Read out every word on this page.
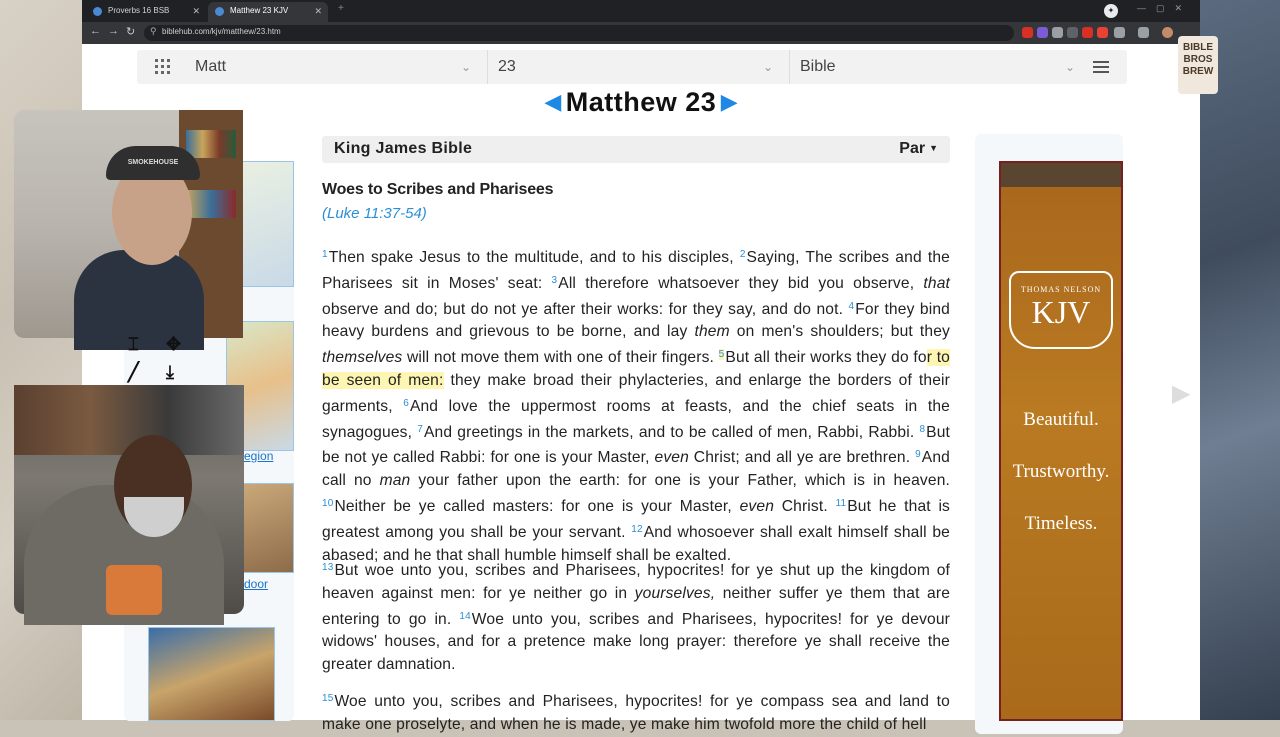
Proverbs 16 BSB	✕	Matthew 23 KJV	✕ +	✦	—▢✕
← → ↻ ⚲ biblehub.com/kjv/matthew/23.htm
Matt	⌄	23	⌄	Bible	⌄
◀ Matthew 23 ▶
egion
door
King James Bible	Par ▼
Woes to Scribes and Pharisees
(Luke 11:37-54)
$^1$Then spake Jesus to the multitude, and to his disciples, $^2$Saying, The scribes and the Pharisees sit in Moses' seat: $^3$All therefore whatsoever they bid you observe, that observe and do; but do not ye after their works: for they say, and do not. $^4$For they bind heavy burdens and grievous to be borne, and lay them on men's shoulders; but they themselves will not move them with one of their fingers. $^5$But all their works they do for to be seen of men: they make broad their phylacteries, and enlarge the borders of their garments, $^6$And love the uppermost rooms at feasts, and the chief seats in the synagogues, $^7$And greetings in the markets, and to be called of men, Rabbi, Rabbi. $^8$But be not ye called Rabbi: for one is your Master, even Christ; and all ye are brethren. $^9$And call no man your father upon the earth: for one is your Father, which is in heaven. $^{10}$Neither be ye called masters: for one is your Master, even Christ. $^{11}$But he that is greatest among you shall be your servant. $^{12}$And whosoever shall exalt himself shall be abased; and he that shall humble himself shall be exalted.
$^{13}$But woe unto you, scribes and Pharisees, hypocrites! for ye shut up the kingdom of heaven against men: for ye neither go in yourselves, neither suffer ye them that are entering to go in. $^{14}$Woe unto you, scribes and Pharisees, hypocrites! for ye devour widows' houses, and for a pretence make long prayer: therefore ye shall receive the greater damnation.
$^{15}$Woe unto you, scribes and Pharisees, hypocrites! for ye compass sea and land to make one proselyte, and when he is made, ye make him twofold more the child of hell
THOMAS NELSON
KJV
Beautiful.
Trustworthy.
Timeless.
▶
SMOKEHOUSE
⌶ ✥
╱ ⤓
BIBLE BROS BREW
